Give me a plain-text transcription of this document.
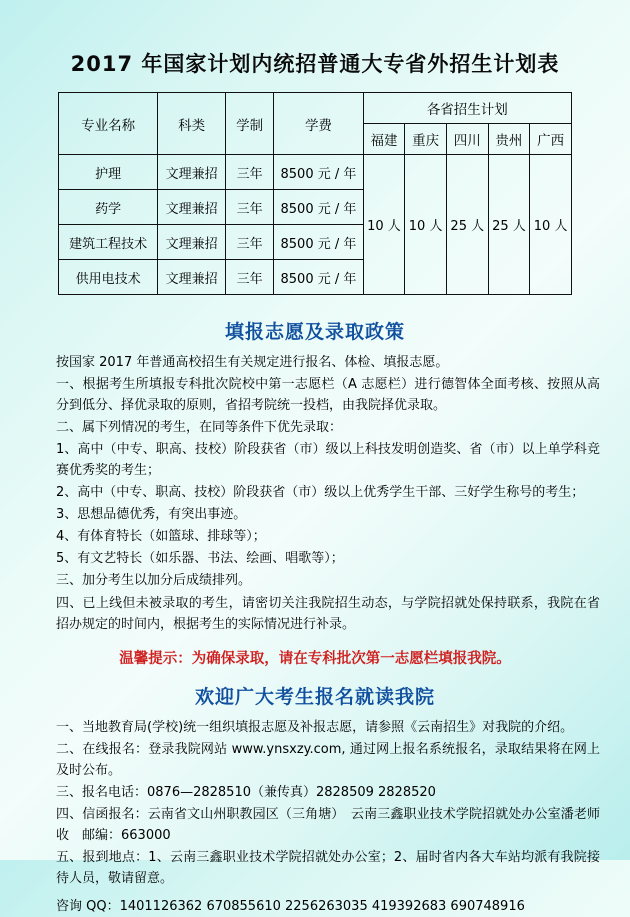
2017 年国家计划内统招普通大专省外招生计划表
专业名称	科类	学制	学费	各省招生计划				
				福建	重庆	四川	贵州	广西
护理	文理兼招	三年	8500 元 / 年	10 人	10 人	25 人	25 人	10 人
药学	文理兼招	三年	8500 元 / 年					
建筑工程技术	文理兼招	三年	8500 元 / 年					
供用电技术	文理兼招	三年	8500 元 / 年					
填报志愿及录取政策

按国家 2017 年普通高校招生有关规定进行报名、体检、填报志愿。

一、根据考生所填报专科批次院校中第一志愿栏（A 志愿栏）进行德智体全面考核、按照从高分到低分、择优录取的原则，省招考院统一投档，由我院择优录取。

二、属下列情况的考生，在同等条件下优先录取：

1、高中（中专、职高、技校）阶段获省（市）级以上科技发明创造奖、省（市）以上单学科竞赛优秀奖的考生；

2、高中（中专、职高、技校）阶段获省（市）级以上优秀学生干部、三好学生称号的考生；

3、思想品德优秀，有突出事迹。

4、有体育特长（如篮球、排球等）；

5、有文艺特长（如乐器、书法、绘画、唱歌等）；

三、加分考生以加分后成绩排列。

四、已上线但未被录取的考生，请密切关注我院招生动态，与学院招就处保持联系，我院在省招办规定的时间内，根据考生的实际情况进行补录。

温馨提示：为确保录取，请在专科批次第一志愿栏填报我院。
欢迎广大考生报名就读我院

一、当地教育局(学校)统一组织填报志愿及补报志愿，请参照《云南招生》对我院的介绍。

二、在线报名：登录我院网站 www.ynsxzy.com, 通过网上报名系统报名，录取结果将在网上及时公布。

三、报名电话：0876—2828510（兼传真）2828509 2828520

四、信函报名：云南省文山州职教园区（三角塘）　云南三鑫职业技术学院招就处办公室潘老师收　邮编：663000

五、报到地点：1、云南三鑫职业技术学院招就处办公室；2、届时省内各大车站均派有我院接待人员，敬请留意。

咨询 QQ：1401126362 670855610 2256263035 419392683 690748916
